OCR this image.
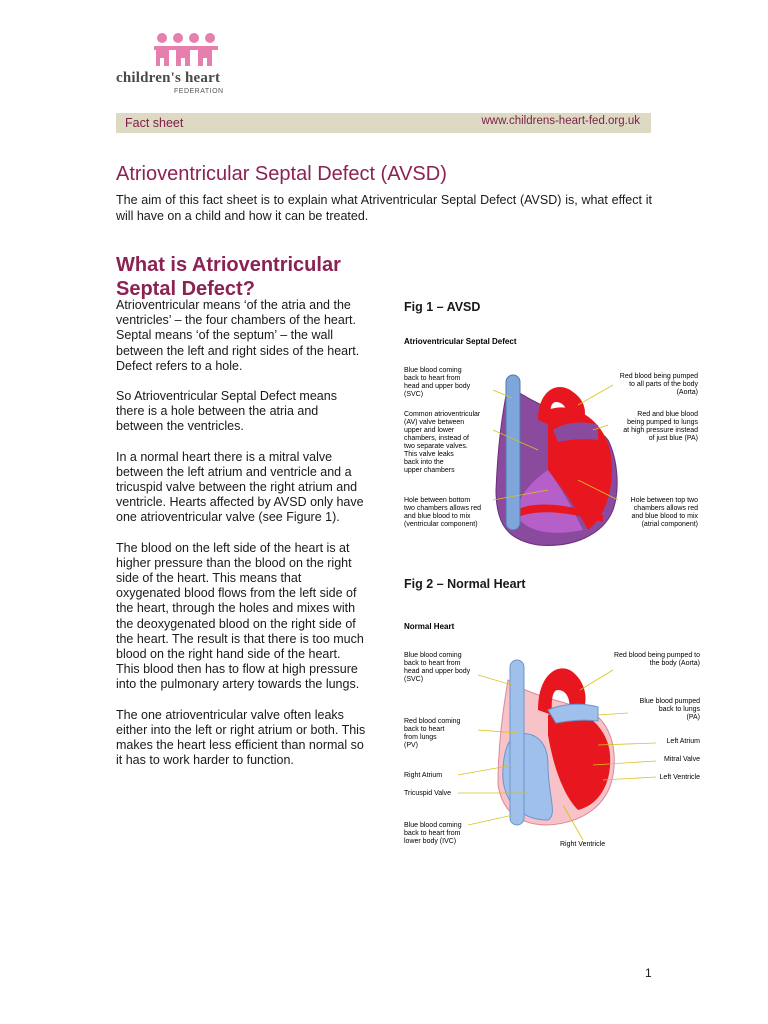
children's heart
FEDERATION
Fact sheet	www.childrens-heart-fed.org.uk
Atrioventricular Septal Defect (AVSD)
The aim of this fact sheet is to explain what Atriventricular Septal Defect (AVSD) is, what effect it will have on a child and how it can be treated.
What is Atrioventricular Septal Defect?
Atrioventricular means ‘of the atria and the ventricles’ – the four chambers of the heart.
Septal means ‘of the septum’ – the wall between the left and right sides of the heart.

Defect refers to a hole.

So Atrioventricular Septal Defect means there is a hole between the atria and between the ventricles.

In a normal heart there is a mitral valve between the left atrium and ventricle and a tricuspid valve between the right atrium and ventricle. Hearts affected by AVSD only have one atrioventricular valve (see Figure 1).

The blood on the left side of the heart is at higher pressure than the blood on the right side of the heart. This means that oxygenated blood flows from the left side of the heart, through the holes and mixes with the deoxygenated blood on the right side of the heart. The result is that there is too much blood on the right hand side of the heart. This blood then has to flow at high pressure into the pulmonary artery towards the lungs.

The one atrioventricular valve often leaks either into the left or right atrium or both. This makes the heart less efficient than normal so it has to work harder to function.

Fig 1 – AVSD
Atrioventricular Septal Defect
Blue blood coming back to heart from head and upper body (SVC)
Common atrioventricular (AV) valve between upper and lower chambers, instead of two separate valves. This valve leaks back into the upper chambers
Hole between bottom two chambers allows red and blue blood to mix (ventricular component)
Red blood being pumped to all parts of the body (Aorta)
Red and blue blood being pumped to lungs at high pressure instead of just blue (PA)
Hole between top two chambers allows red and blue blood to mix (atrial component)
Fig 2 – Normal Heart
Normal Heart
Blue blood coming back to heart from head and upper body (SVC)
Red blood coming back to heart from lungs (PV)
Right Atrium
Tricuspid Valve
Blue blood coming back to heart from lower body (IVC)
Red blood being pumped to the body (Aorta)
Blue blood pumped back to lungs (PA)
Left Atrium
Mitral Valve
Left Ventricle
Right Ventricle
1
